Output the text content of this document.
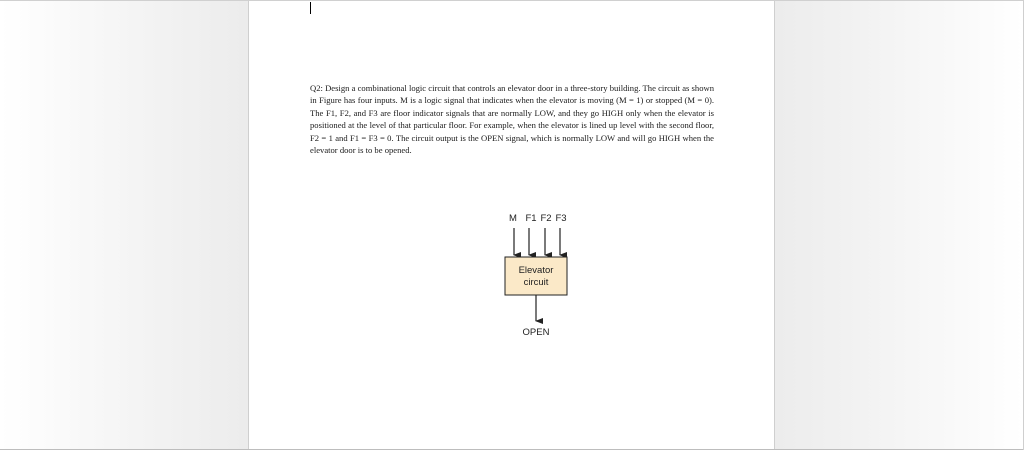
Q2: Design a combinational logic circuit that controls an elevator door in a three-story building. The circuit as shown in Figure has four inputs. M is a logic signal that indicates when the elevator is moving (M = 1) or stopped (M = 0). The F1, F2, and F3 are floor indicator signals that are normally LOW, and they go HIGH only when the elevator is positioned at the level of that particular floor. For example, when the elevator is lined up level with the second floor, F2 = 1 and F1 = F3 = 0. The circuit output is the OPEN signal, which is normally LOW and will go HIGH when the elevator door is to be opened.

M F1 F2 F3
Elevator
circuit
OPEN
